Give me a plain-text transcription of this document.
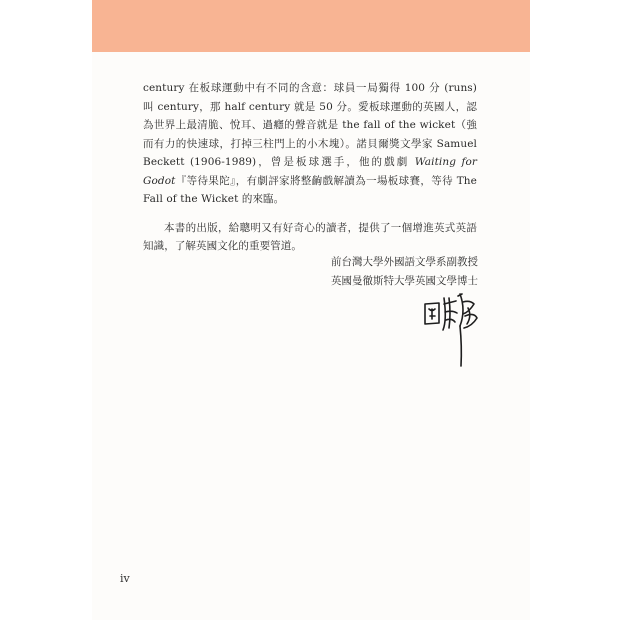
century 在板球運動中有不同的含意：球員一局獨得 100 分 (runs) 叫 century，那 half century 就是 50 分。愛板球運動的英國人，認為世界上最清脆、悅耳、過癮的聲音就是 the fall of the wicket（強而有力的快速球，打掉三柱門上的小木塊）。諾貝爾獎文學家 Samuel Beckett (1906-1989)，曾是板球選手，他的戲劇 Waiting for Godot『等待果陀』，有劇評家將整齣戲解讀為一場板球賽，等待 The Fall of the Wicket 的來臨。

本書的出版，給聰明又有好奇心的讀者，提供了一個增進英式英語知識，了解英國文化的重要管道。

前台灣大學外國語文學系副教授
英國曼徹斯特大學英國文學博士
iv
